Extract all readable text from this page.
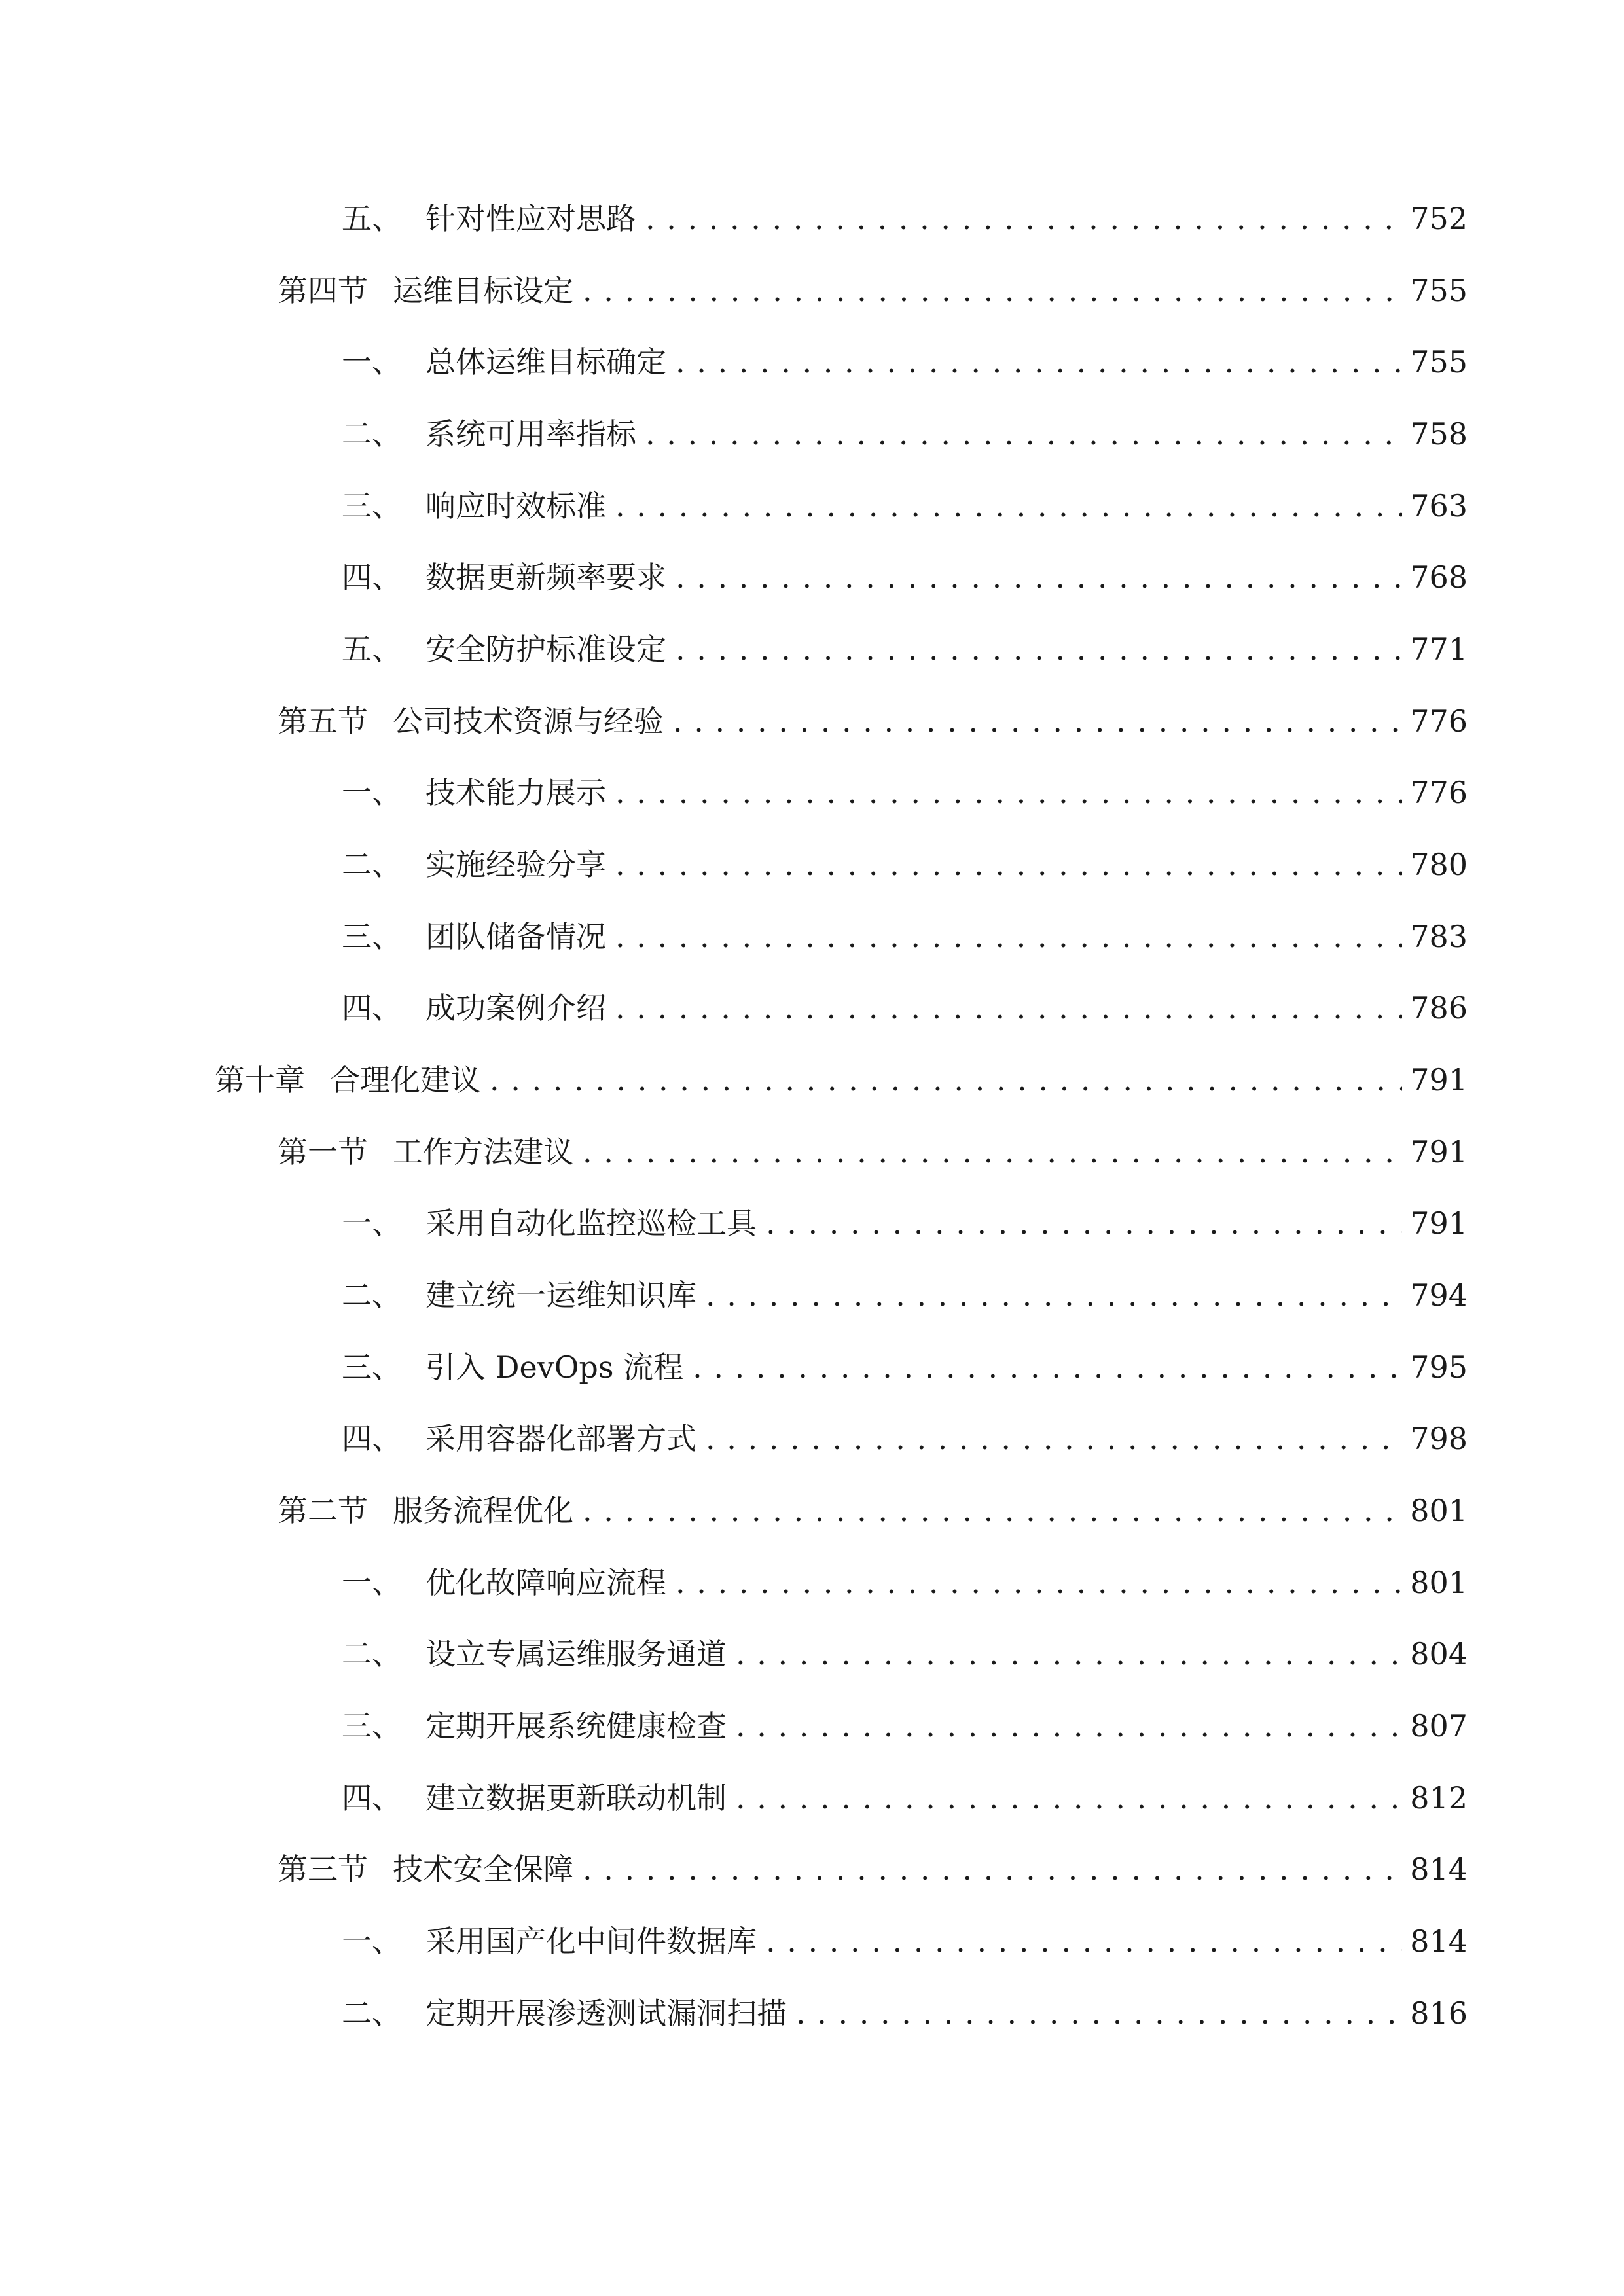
五、 针对性应对思路 . . .	752
第四节 运维目标设定 . . .	755
一、 总体运维目标确定 . . .	755
二、 系统可用率指标 . . .	758
三、 响应时效标准 . . .	763
四、 数据更新频率要求 . . .	768
五、 安全防护标准设定 . . .	771
第五节 公司技术资源与经验 . . .	776
一、 技术能力展示 . . .	776
二、 实施经验分享 . . .	780
三、 团队储备情况 . . .	783
四、 成功案例介绍 . . .	786
第十章 合理化建议 . . .	791
第一节 工作方法建议 . . .	791
一、 采用自动化监控巡检工具 . . .	791
二、 建立统一运维知识库 . . .	794
三、 引入 DevOps 流程 . . .	795
四、 采用容器化部署方式 . . .	798
第二节 服务流程优化 . . .	801
一、 优化故障响应流程 . . .	801
二、 设立专属运维服务通道 . . .	804
三、 定期开展系统健康检查 . . .	807
四、 建立数据更新联动机制 . . .	812
第三节 技术安全保障 . . .	814
一、 采用国产化中间件数据库 . . .	814
二、 定期开展渗透测试漏洞扫描 . . .	816
